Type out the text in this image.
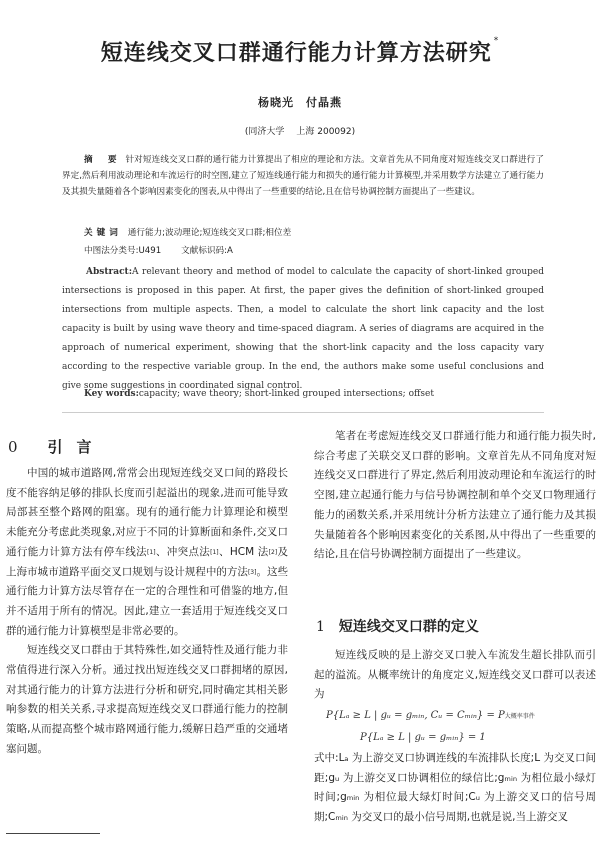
短连线交叉口群通行能力计算方法研究 *
杨晓光　付晶燕
(同济大学 上海 200092)
摘 要 针对短连线交叉口群的通行能力计算提出了相应的理论和方法。文章首先从不同角度对短连线交叉口群进行了界定,然后利用波动理论和车流运行的时空图,建立了短连线通行能力和损失的通行能力计算模型,并采用数学方法建立了通行能力及其损失量随着各个影响因素变化的图表,从中得出了一些重要的结论,且在信号协调控制方面提出了一些建议。
关键词 通行能力;波动理论;短连线交叉口群;相位差
中图法分类号:U491 文献标识码:A
Abstract:A relevant theory and method of model to calculate the capacity of short-linked grouped intersections is proposed in this paper. At first, the paper gives the definition of short-linked grouped intersections from multiple aspects. Then, a model to calculate the short link capacity and the lost capacity is built by using wave theory and time-spaced diagram. A series of diagrams are acquired in the approach of numerical experiment, showing that the short-link capacity and the loss capacity vary according to the respective variable group. In the end, the authors make some useful conclusions and give some suggestions in coordinated signal control.
Key words:capacity; wave theory; short-linked grouped intersections; offset
0 引言

中国的城市道路网,常常会出现短连线交叉口间的路段长度不能容纳足够的排队长度而引起溢出的现象,进而可能导致局部甚至整个路网的阻塞。现有的通行能力计算理论和模型未能充分考虑此类现象,对应于不同的计算断面和条件,交叉口通行能力计算方法有停车线法[1]、冲突点法[1]、HCM 法[2]及上海市城市道路平面交叉口规划与设计规程中的方法[3]。这些通行能力计算方法尽管存在一定的合理性和可借鉴的地方,但并不适用于所有的情况。因此,建立一套适用于短连线交叉口群的通行能力计算模型是非常必要的。

短连线交叉口群由于其特殊性,如交通特性及通行能力非常值得进行深入分析。通过找出短连线交叉口群拥堵的原因,对其通行能力的计算方法进行分析和研究,同时确定其相关影响参数的相关关系,寻求提高短连线交叉口群通行能力的控制策略,从而提高整个城市路网通行能力,缓解日趋严重的交通堵塞问题。

笔者在考虑短连线交叉口群通行能力和通行能力损失时,综合考虑了关联交叉口群的影响。文章首先从不同角度对短连线交叉口群进行了界定,然后利用波动理论和车流运行的时空图,建立起通行能力与信号协调控制和单个交叉口物理通行能力的函数关系,并采用统计分析方法建立了通行能力及其损失量随着各个影响因素变化的关系图,从中得出了一些重要的结论,且在信号协调控制方面提出了一些建议。

1 短连线交叉口群的定义

短连线反映的是上游交叉口驶入车流发生超长排队而引起的溢流。从概率统计的角度定义,短连线交叉口群可以表述为

P{Lₐ ≥ L | gᵤ = gₘᵢₙ, Cᵤ = Cₘᵢₙ} = P大概率事件
P{Lₐ ≥ L | gᵤ = gₘᵢₙ} = 1

式中:Lₐ 为上游交叉口协调连线的车流排队长度;L 为交叉口间距;gᵤ 为上游交叉口协调相位的绿信比;gₘᵢₙ 为相位最小绿灯时间;gₘᵢₙ 为相位最大绿灯时间;Cᵤ 为上游交叉口的信号周期;Cₘᵢₙ 为交叉口的最小信号周期,也就是说,当上游交叉
